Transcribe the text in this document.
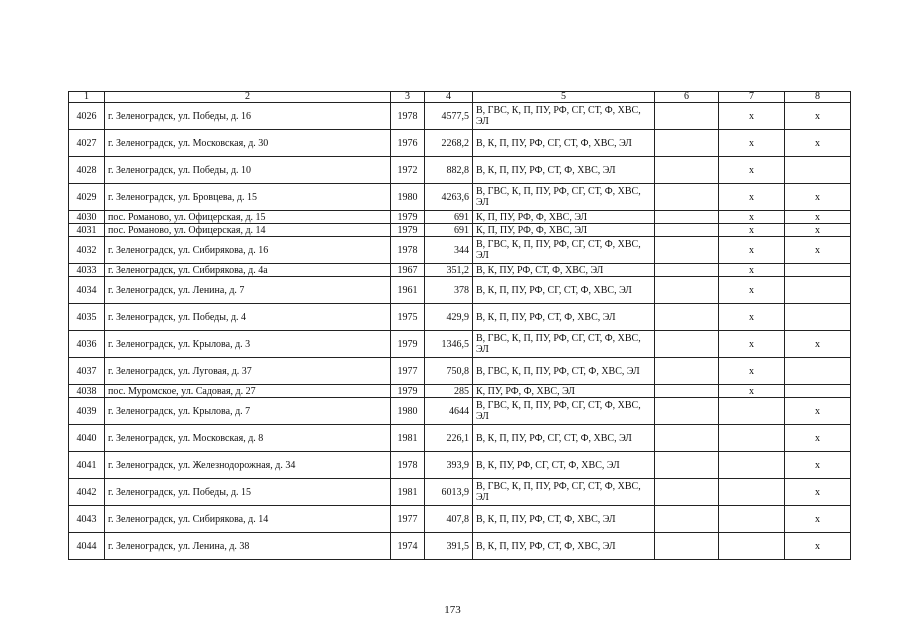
1	2	3	4	5	6	7	8
4026	г. Зеленоградск, ул. Победы, д. 16	1978	4577,5	В, ГВС, К, П, ПУ, РФ, СГ, СТ, Ф, ХВС, ЭЛ		х	х
4027	г. Зеленоградск, ул. Московская, д. 30	1976	2268,2	В, К, П, ПУ, РФ, СГ, СТ, Ф, ХВС, ЭЛ		х	х
4028	г. Зеленоградск, ул. Победы, д. 10	1972	882,8	В, К, П, ПУ, РФ, СТ, Ф, ХВС, ЭЛ		х	
4029	г. Зеленоградск, ул. Бровцева, д. 15	1980	4263,6	В, ГВС, К, П, ПУ, РФ, СГ, СТ, Ф, ХВС, ЭЛ		х	х
4030	пос. Романово, ул. Офицерская, д. 15	1979	691	К, П, ПУ, РФ, Ф, ХВС, ЭЛ		х	х
4031	пос. Романово, ул. Офицерская, д. 14	1979	691	К, П, ПУ, РФ, Ф, ХВС, ЭЛ		х	х
4032	г. Зеленоградск, ул. Сибирякова, д. 16	1978	344	В, ГВС, К, П, ПУ, РФ, СГ, СТ, Ф, ХВС, ЭЛ		х	х
4033	г. Зеленоградск, ул. Сибирякова, д. 4а	1967	351,2	В, К, ПУ, РФ, СТ, Ф, ХВС, ЭЛ		х	
4034	г. Зеленоградск, ул. Ленина, д. 7	1961	378	В, К, П, ПУ, РФ, СГ, СТ, Ф, ХВС, ЭЛ		х	
4035	г. Зеленоградск, ул. Победы, д. 4	1975	429,9	В, К, П, ПУ, РФ, СТ, Ф, ХВС, ЭЛ		х	
4036	г. Зеленоградск, ул. Крылова, д. 3	1979	1346,5	В, ГВС, К, П, ПУ, РФ, СГ, СТ, Ф, ХВС, ЭЛ		х	х
4037	г. Зеленоградск, ул. Луговая, д. 37	1977	750,8	В, ГВС, К, П, ПУ, РФ, СТ, Ф, ХВС, ЭЛ		х	
4038	пос. Муромское, ул. Садовая, д. 27	1979	285	К, ПУ, РФ, Ф, ХВС, ЭЛ		х	
4039	г. Зеленоградск, ул. Крылова, д. 7	1980	4644	В, ГВС, К, П, ПУ, РФ, СГ, СТ, Ф, ХВС, ЭЛ			х
4040	г. Зеленоградск, ул. Московская, д. 8	1981	226,1	В, К, П, ПУ, РФ, СГ, СТ, Ф, ХВС, ЭЛ			х
4041	г. Зеленоградск, ул. Железнодорожная, д. 34	1978	393,9	В, К, ПУ, РФ, СГ, СТ, Ф, ХВС, ЭЛ			х
4042	г. Зеленоградск, ул. Победы, д. 15	1981	6013,9	В, ГВС, К, П, ПУ, РФ, СГ, СТ, Ф, ХВС, ЭЛ			х
4043	г. Зеленоградск, ул. Сибирякова, д. 14	1977	407,8	В, К, П, ПУ, РФ, СТ, Ф, ХВС, ЭЛ			х
4044	г. Зеленоградск, ул. Ленина, д. 38	1974	391,5	В, К, П, ПУ, РФ, СТ, Ф, ХВС, ЭЛ			х
173
